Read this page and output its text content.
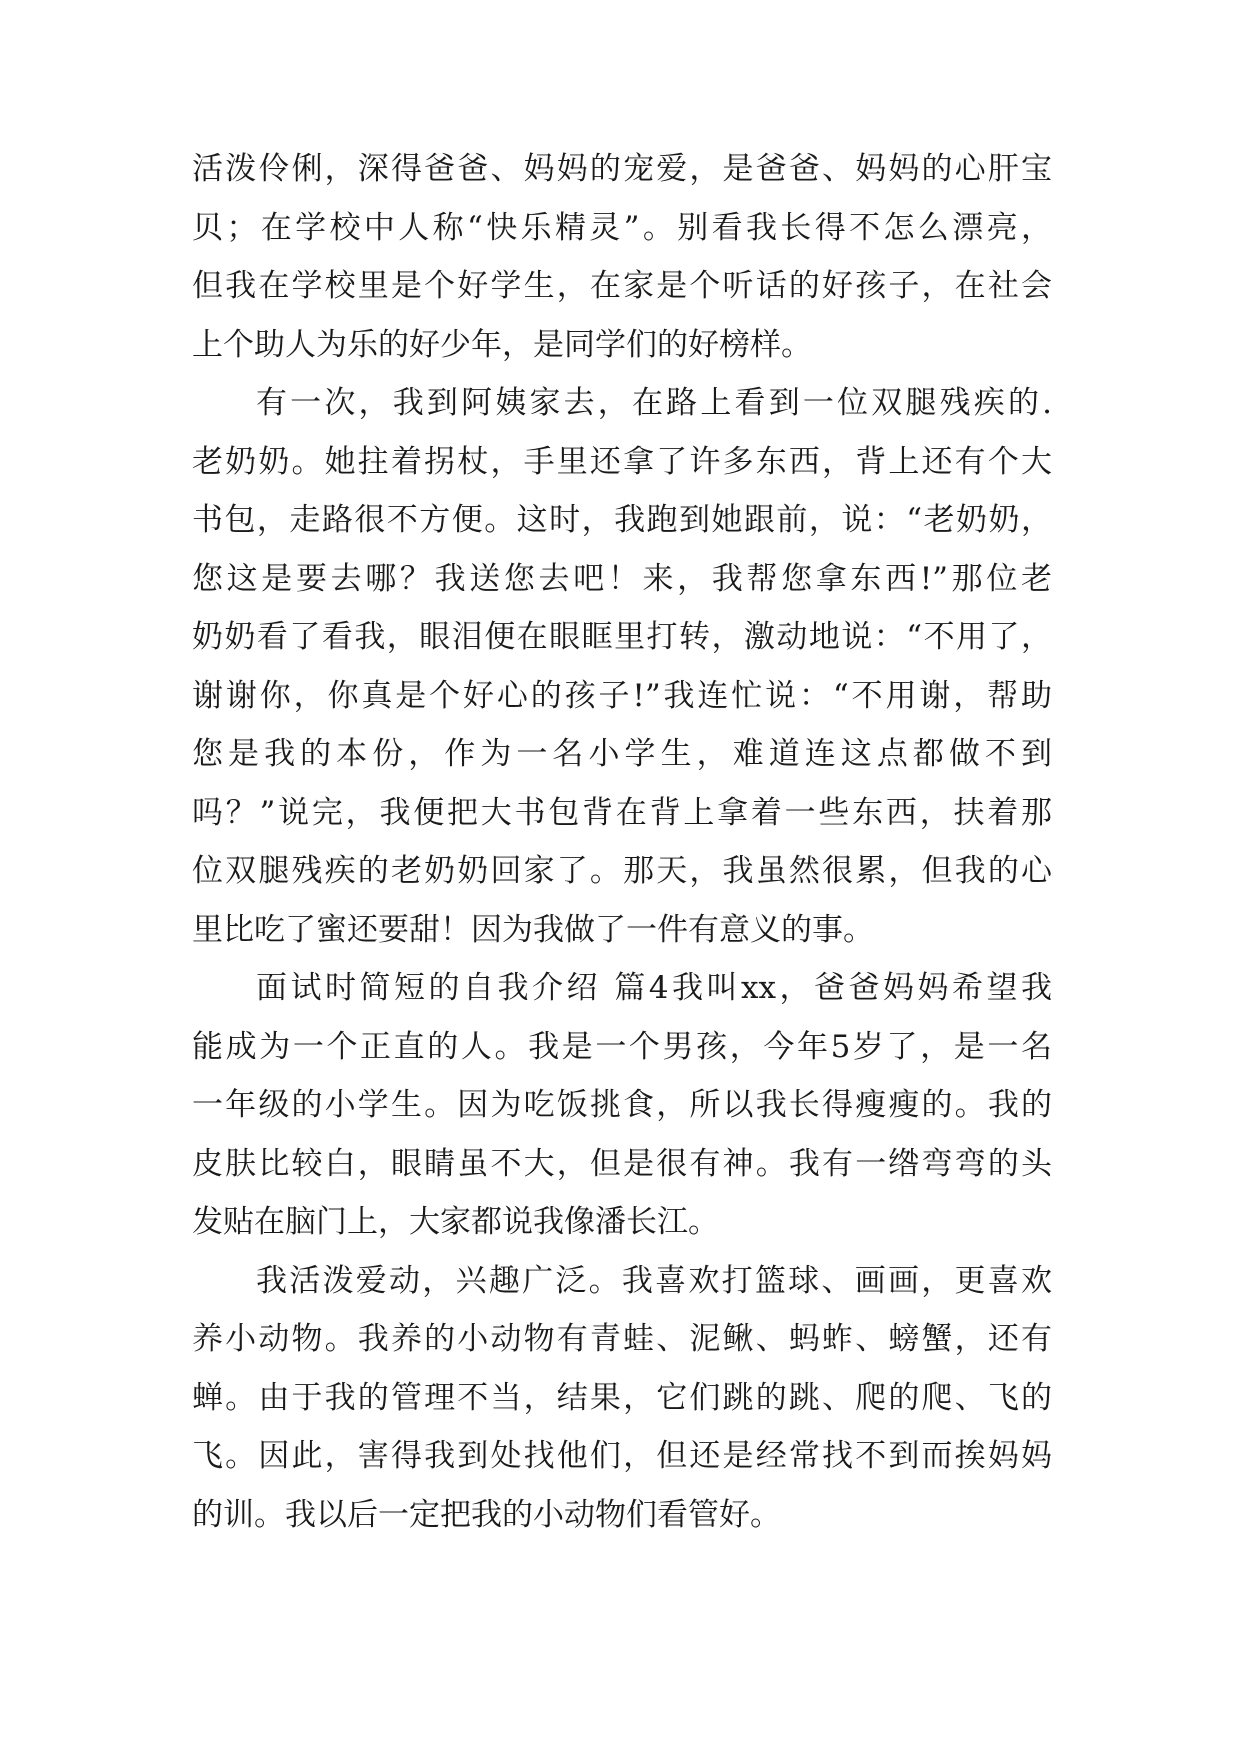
活泼伶俐，深得爸爸、妈妈的宠爱，是爸爸、妈妈的心肝宝
贝；在学校中人称“快乐精灵”。别看我长得不怎么漂亮，
但我在学校里是个好学生，在家是个听话的好孩子，在社会
上个助人为乐的好少年，是同学们的好榜样。
有一次，我到阿姨家去，在路上看到一位双腿残疾的.
老奶奶。她拄着拐杖，手里还拿了许多东西，背上还有个大
书包，走路很不方便。这时，我跑到她跟前，说：“老奶奶，
您这是要去哪？我送您去吧！来，我帮您拿东西!”那位老
奶奶看了看我，眼泪便在眼眶里打转，激动地说：“不用了，
谢谢你，你真是个好心的孩子!”我连忙说：“不用谢，帮助
您是我的本份，作为一名小学生，难道连这点都做不到
吗？”说完，我便把大书包背在背上拿着一些东西，扶着那
位双腿残疾的老奶奶回家了。那天，我虽然很累，但我的心
里比吃了蜜还要甜！因为我做了一件有意义的事。
面试时简短的自我介绍 篇4我叫xx，爸爸妈妈希望我
能成为一个正直的人。我是一个男孩，今年5岁了，是一名
一年级的小学生。因为吃饭挑食，所以我长得瘦瘦的。我的
皮肤比较白，眼睛虽不大，但是很有神。我有一绺弯弯的头
发贴在脑门上，大家都说我像潘长江。
我活泼爱动，兴趣广泛。我喜欢打篮球、画画，更喜欢
养小动物。我养的小动物有青蛙、泥鳅、蚂蚱、螃蟹，还有
蝉。由于我的管理不当，结果，它们跳的跳、爬的爬、飞的
飞。因此，害得我到处找他们，但还是经常找不到而挨妈妈
的训。我以后一定把我的小动物们看管好。
